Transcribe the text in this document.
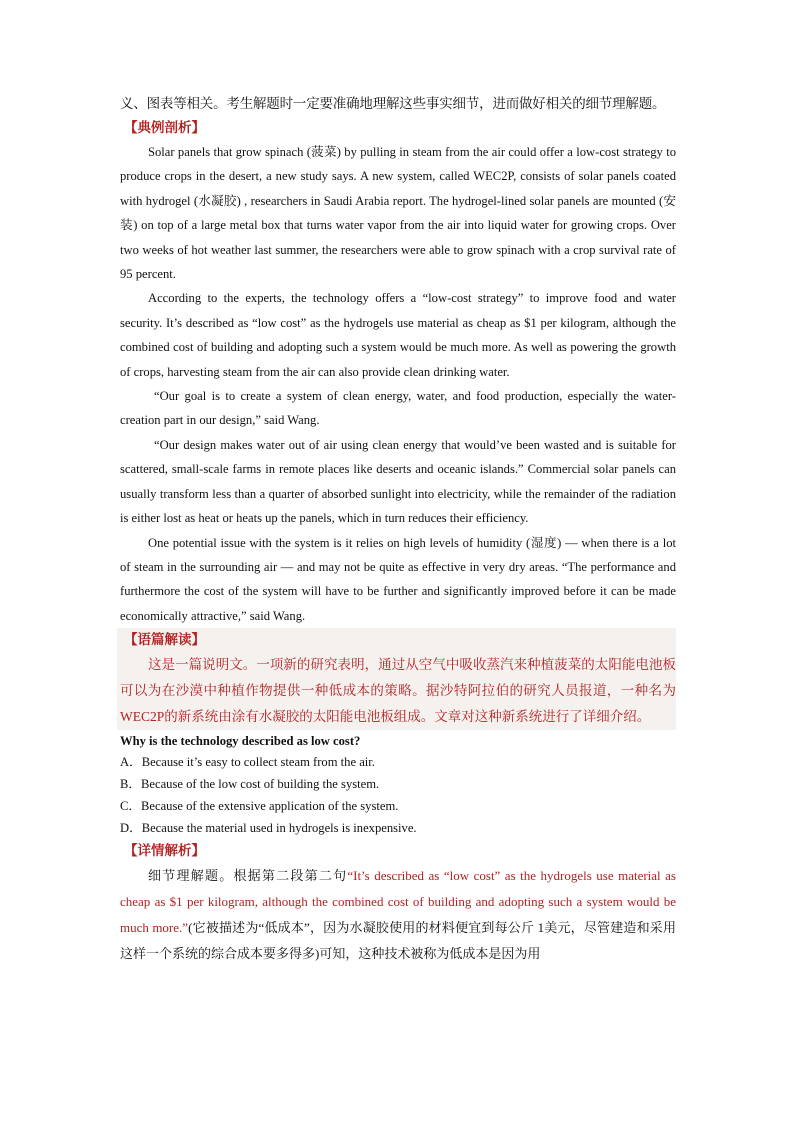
义、图表等相关。考生解题时一定要准确地理解这些事实细节，进而做好相关的细节理解题。
【典例剖析】

Solar panels that grow spinach (菠菜) by pulling in steam from the air could offer a low-cost strategy to produce crops in the desert, a new study says. A new system, called WEC2P, consists of solar panels coated with hydrogel (水凝胶) , researchers in Saudi Arabia report. The hydrogel-lined solar panels are mounted (安装) on top of a large metal box that turns water vapor from the air into liquid water for growing crops. Over two weeks of hot weather last summer, the researchers were able to grow spinach with a crop survival rate of 95 percent.

According to the experts, the technology offers a “low-cost strategy” to improve food and water security. It’s described as “low cost” as the hydrogels use material as cheap as $1 per kilogram, although the combined cost of building and adopting such a system would be much more. As well as powering the growth of crops, harvesting steam from the air can also provide clean drinking water.

“Our goal is to create a system of clean energy, water, and food production, especially the water-creation part in our design,” said Wang.

“Our design makes water out of air using clean energy that would’ve been wasted and is suitable for scattered, small-scale farms in remote places like deserts and oceanic islands.” Commercial solar panels can usually transform less than a quarter of absorbed sunlight into electricity, while the remainder of the radiation is either lost as heat or heats up the panels, which in turn reduces their efficiency.

One potential issue with the system is it relies on high levels of humidity (湿度) — when there is a lot of steam in the surrounding air — and may not be quite as effective in very dry areas. “The performance and furthermore the cost of the system will have to be further and significantly improved before it can be made economically attractive,” said Wang.

【语篇解读】

这是一篇说明文。一项新的研究表明，通过从空气中吸收蒸汽来种植菠菜的太阳能电池板可以为在沙漠中种植作物提供一种低成本的策略。据沙特阿拉伯的研究人员报道，一种名为WEC2P的新系统由涂有水凝胶的太阳能电池板组成。文章对这种新系统进行了详细介绍。

Why is the technology described as low cost?

A．Because it’s easy to collect steam from the air.

B．Because of the low cost of building the system.

C．Because of the extensive application of the system.

D．Because the material used in hydrogels is inexpensive.

【详情解析】

细节理解题。根据第二段第二句“It’s described as “low cost” as the hydrogels use material as cheap as $1 per kilogram, although the combined cost of building and adopting such a system would be much more.”(它被描述为“低成本”，因为水凝胶使用的材料便宜到每公斤 1美元，尽管建造和采用这样一个系统的综合成本要多得多)可知，这种技术被称为低成本是因为用
